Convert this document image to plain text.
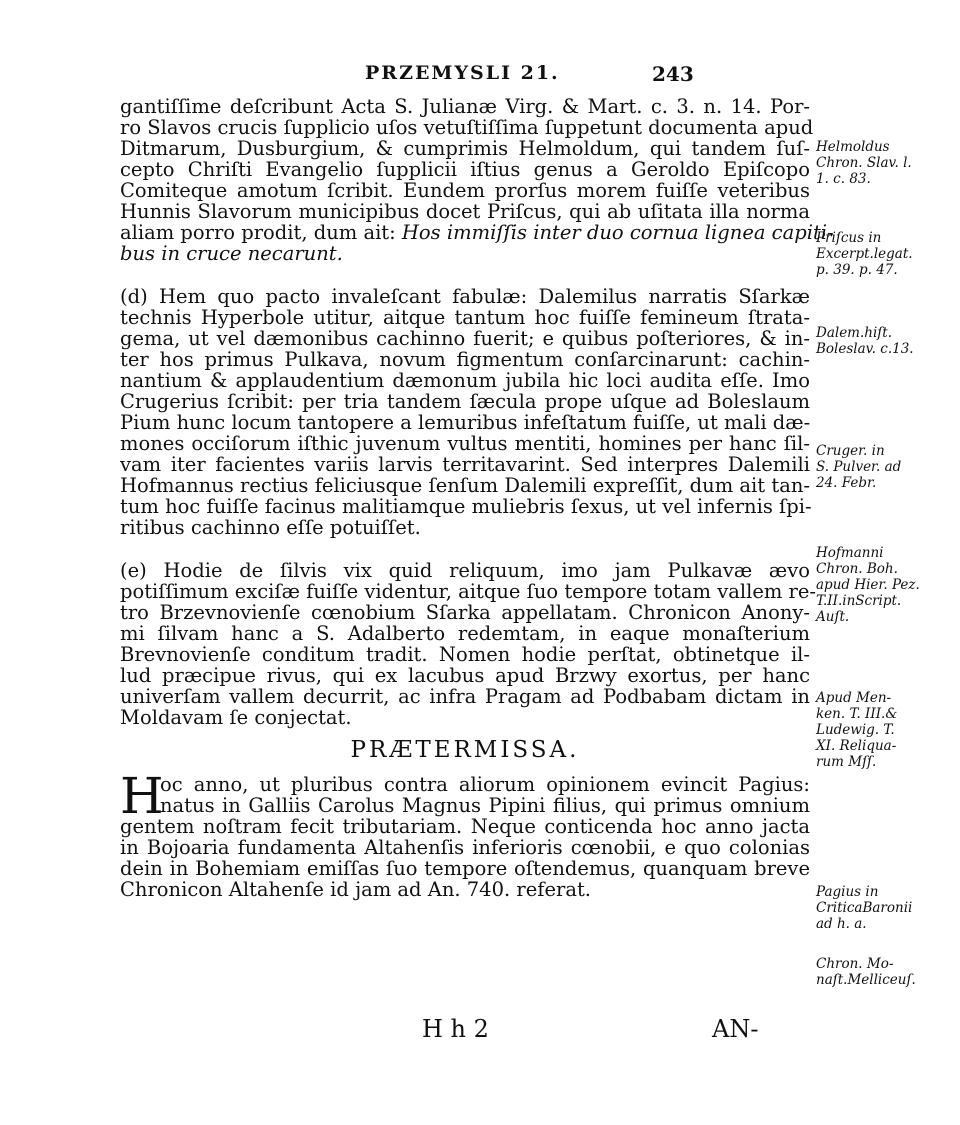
PRZEMYSLI 21.	243
gantiſſime deſcribunt Acta S. Julianæ Virg. & Mart. c. 3. n. 14. Por-
ro Slavos crucis ſupplicio uſos vetuſtiſſima ſuppetunt documenta apud
Ditmarum, Dusburgium, & cumprimis Helmoldum, qui tandem ſuſ-
cepto Chriſti Evangelio ſupplicii iſtius genus a Geroldo Epiſcopo
Comiteque amotum ſcribit. Eundem prorſus morem fuiſſe veteribus
Hunnis Slavorum municipibus docet Priſcus, qui ab uſitata illa norma
aliam porro prodit, dum ait: Hos immiſſis inter duo cornua lignea capiti-
bus in cruce necarunt.
(d) Hem quo pacto invaleſcant fabulæ: Dalemilus narratis Sſarkæ
technis Hyperbole utitur, aitque tantum hoc fuiſſe femineum ſtrata-
gema, ut vel dæmonibus cachinno fuerit; e quibus poſteriores, & in-
ter hos primus Pulkava, novum figmentum conſarcinarunt: cachin-
nantium & applaudentium dæmonum jubila hic loci audita eſſe. Imo
Crugerius ſcribit: per tria tandem ſæcula prope uſque ad Boleslaum
Pium hunc locum tantopere a lemuribus infeſtatum fuiſſe, ut mali dæ-
mones occiſorum iſthic juvenum vultus mentiti, homines per hanc ſil-
vam iter facientes variis larvis territavarint. Sed interpres Dalemili
Hofmannus rectius feliciusque ſenſum Dalemili expreſſit, dum ait tan-
tum hoc fuiſſe facinus malitiamque muliebris ſexus, ut vel infernis ſpi-
ritibus cachinno eſſe potuiſſet.
(e) Hodie de ſilvis vix quid reliquum, imo jam Pulkavæ ævo
potiſſimum exciſæ fuiſſe videntur, aitque ſuo tempore totam vallem re-
tro Brzevnovienſe cœnobium Sſarka appellatam. Chronicon Anony-
mi ſilvam hanc a S. Adalberto redemtam, in eaque monaſterium
Brevnovienſe conditum tradit. Nomen hodie perſtat, obtinetque il-
lud præcipue rivus, qui ex lacubus apud Brzwy exortus, per hanc
univerſam vallem decurrit, ac infra Pragam ad Podbabam dictam in
Moldavam ſe conjectat.
PRÆTERMISSA.
H
oc anno, ut pluribus contra aliorum opinionem evincit Pagius:
natus in Galliis Carolus Magnus Pipini filius, qui primus omnium
gentem noſtram fecit tributariam. Neque conticenda hoc anno jacta
in Bojoaria fundamenta Altahenſis inferioris cœnobii, e quo colonias
dein in Bohemiam emiſſas ſuo tempore oſtendemus, quanquam breve
Chronicon Altahenſe id jam ad An. 740. referat.
Helmoldus
Chron. Slav. l.
1. c. 83.
Priſcus in
Excerpt.legat.
p. 39. p. 47.
Dalem.hiſt.
Boleslav. c.13.
Cruger. in
S. Pulver. ad
24. Febr.
Hofmanni
Chron. Boh.
apud Hier. Pez.
T.II.inScript.
Auſt.
Apud Men-
ken. T. III.&
Ludewig. T.
XI. Reliqua-
rum Mſſ.
Pagius in
CriticaBaronii
ad h. a.
Chron. Mo-
naſt.Melliceuſ.
H h 2	AN-
